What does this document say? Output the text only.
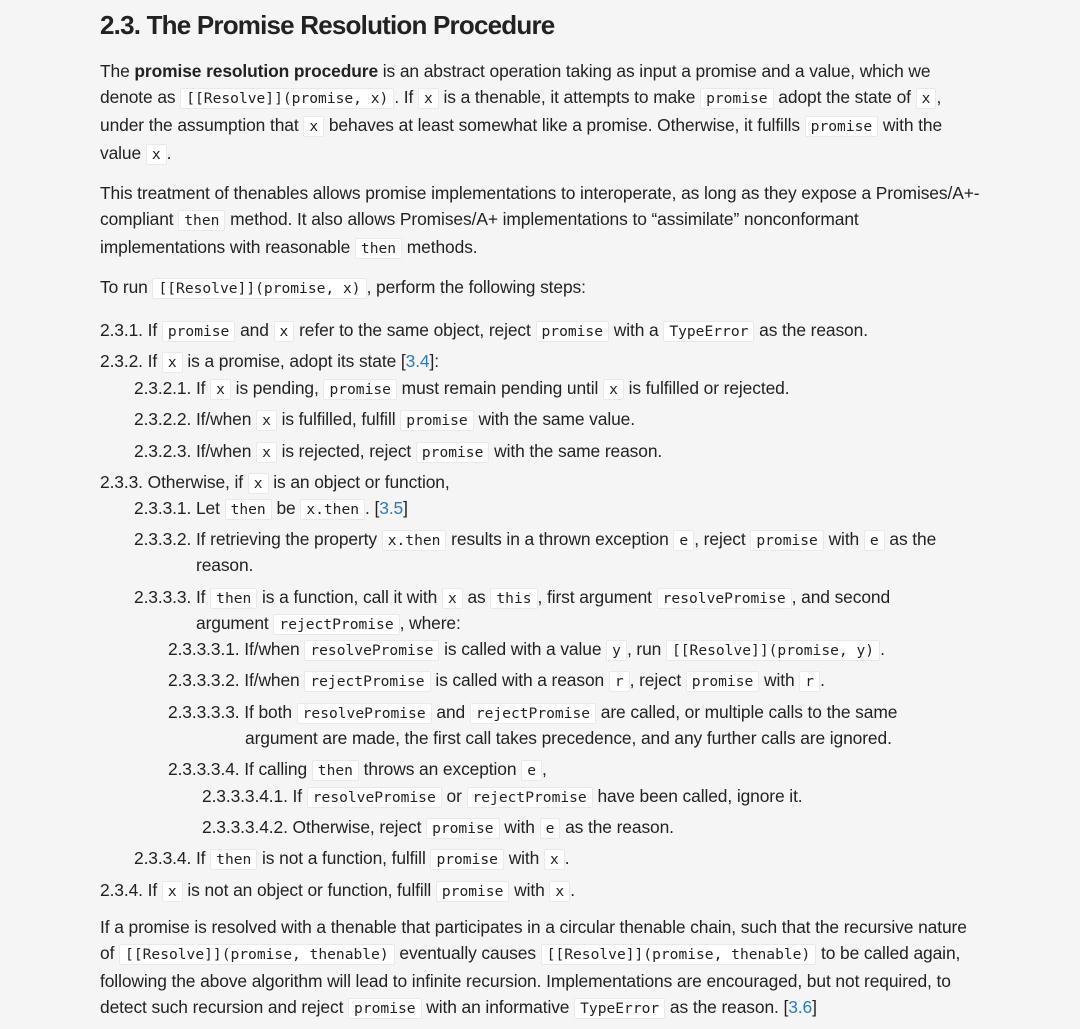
2.3. The Promise Resolution Procedure

The promise resolution procedure is an abstract operation taking as input a promise and a value, which we denote as [[Resolve]](promise, x) . If x is a thenable, it attempts to make promise adopt the state of x , under the assumption that x behaves at least somewhat like a promise. Otherwise, it fulfills promise with the value x .

This treatment of thenables allows promise implementations to interoperate, as long as they expose a Promises/A+-compliant then method. It also allows Promises/A+ implementations to “assimilate” nonconformant implementations with reasonable then methods.

To run [[Resolve]](promise, x) , perform the following steps:
2.3.1. If promise and x refer to the same object, reject promise with a TypeError as the reason.
2.3.2. If x is a promise, adopt its state [3.4]:
2.3.2.1. If x is pending, promise must remain pending until x is fulfilled or rejected.
2.3.2.2. If/when x is fulfilled, fulfill promise with the same value.
2.3.2.3. If/when x is rejected, reject promise with the same reason.
2.3.3. Otherwise, if x is an object or function,
2.3.3.1. Let then be x.then . [3.5]
2.3.3.2. If retrieving the property x.then results in a thrown exception e , reject promise with e as the
reason.
2.3.3.3. If then is a function, call it with x as this , first argument resolvePromise , and second
argument rejectPromise , where:
2.3.3.3.1. If/when resolvePromise is called with a value y , run [[Resolve]](promise, y) .
2.3.3.3.2. If/when rejectPromise is called with a reason r , reject promise with r .
2.3.3.3.3. If both resolvePromise and rejectPromise are called, or multiple calls to the same
argument are made, the first call takes precedence, and any further calls are ignored.
2.3.3.3.4. If calling then throws an exception e ,
2.3.3.3.4.1. If resolvePromise or rejectPromise have been called, ignore it.
2.3.3.3.4.2. Otherwise, reject promise with e as the reason.
2.3.3.4. If then is not a function, fulfill promise with x .
2.3.4. If x is not an object or function, fulfill promise with x .

If a promise is resolved with a thenable that participates in a circular thenable chain, such that the recursive nature of [[Resolve]](promise, thenable) eventually causes [[Resolve]](promise, thenable) to be called again, following the above algorithm will lead to infinite recursion. Implementations are encouraged, but not required, to detect such recursion and reject promise with an informative TypeError as the reason. [3.6]
